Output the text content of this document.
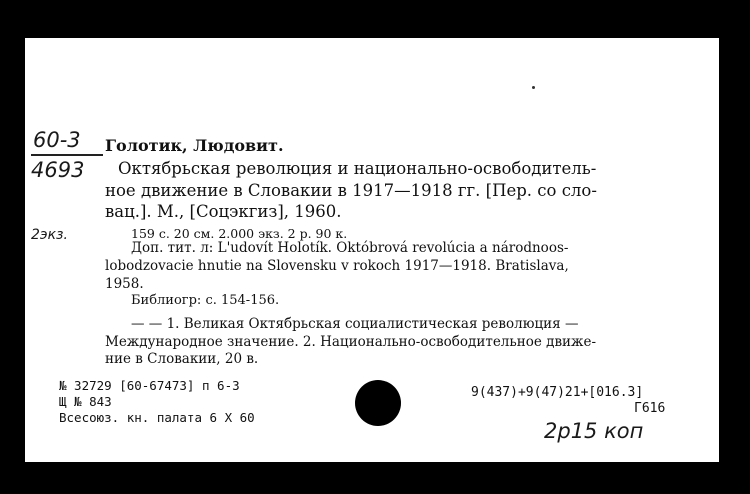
60-3
4693
2экз.
Голотик, Людовит.
Октябрьская революция и национально-освободитель-
ное движение в Словакии в 1917—1918 гг. [Пер. со сло-
вац.]. М., [Соцэкгиз], 1960.
159 с. 20 см. 2.000 экз. 2 р. 90 к.
Доп. тит. л: L'udovít Holotík. Októbrová revolúcia a národnoos-
lobodzovacie hnutie na Slovensku v rokoch 1917—1918. Bratislava,
1958.
Библиогр: с. 154-156.
— — 1. Великая Октябрьская социалистическая революция —
Международное значение. 2. Национально-освободительное движе-
ние в Словакии, 20 в.
№ 32729 [60-67473] п 6-3
Щ № 843
Всесоюз. кн. палата 6 X 60
9(437)+9(47)21+[016.3]
Г616
2р15 коп
